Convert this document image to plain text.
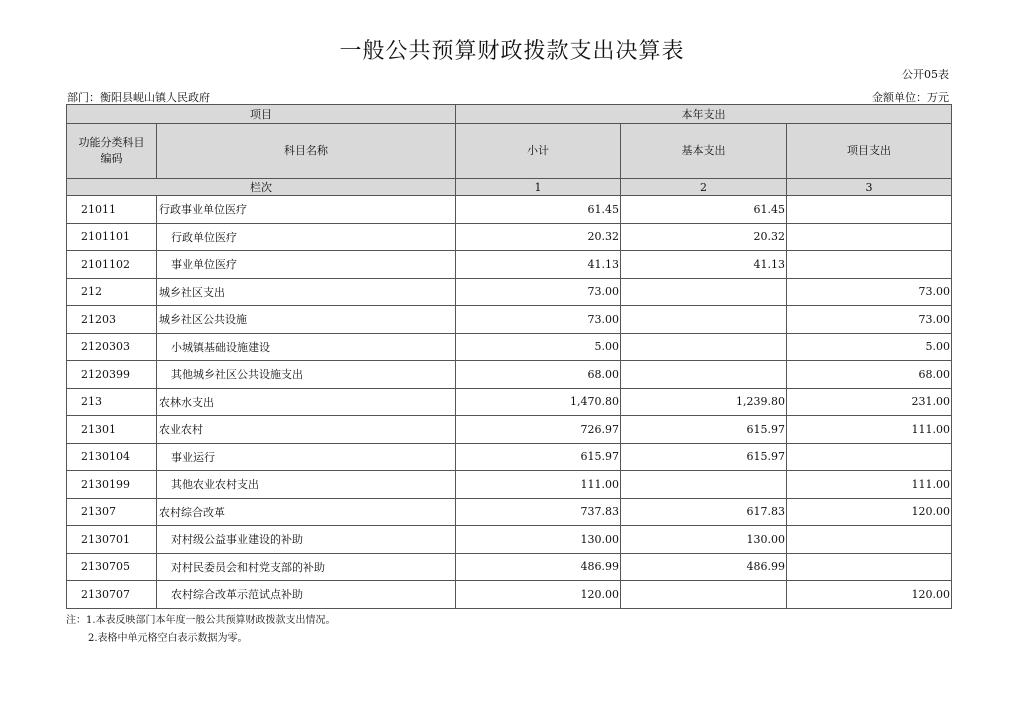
一般公共预算财政拨款支出决算表
公开05表
部门：衡阳县岘山镇人民政府	金额单位：万元
项目		本年支出		
功能分类科目
编码	科目名称	小计	基本支出	项目支出
栏次		1	2	3
21011	行政事业单位医疗	61.45	61.45	
2101101	行政单位医疗	20.32	20.32	
2101102	事业单位医疗	41.13	41.13	
212	城乡社区支出	73.00		73.00
21203	城乡社区公共设施	73.00		73.00
2120303	小城镇基础设施建设	5.00		5.00
2120399	其他城乡社区公共设施支出	68.00		68.00
213	农林水支出	1,470.80	1,239.80	231.00
21301	农业农村	726.97	615.97	111.00
2130104	事业运行	615.97	615.97	
2130199	其他农业农村支出	111.00		111.00
21307	农村综合改革	737.83	617.83	120.00
2130701	对村级公益事业建设的补助	130.00	130.00	
2130705	对村民委员会和村党支部的补助	486.99	486.99	
2130707	农村综合改革示范试点补助	120.00		120.00
注：1.本表反映部门本年度一般公共预算财政拨款支出情况。
2.表格中单元格空白表示数据为零。
